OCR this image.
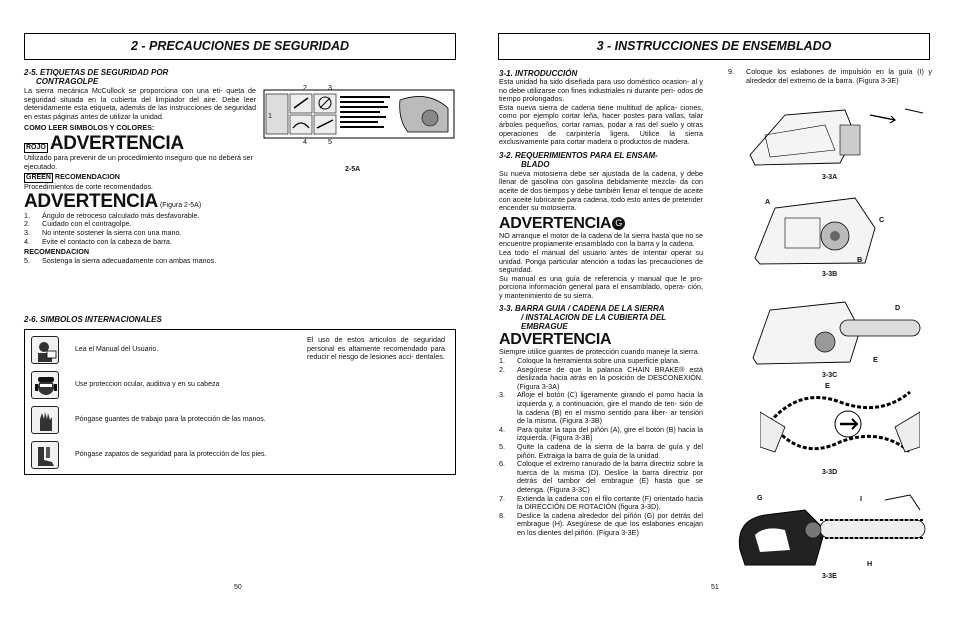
2 - PRECAUCIONES DE SEGURIDAD
2-5. ETIQUETAS DE SEGURIDAD POR
CONTRAGOLPE

La sierra mecánica McCullock se proporciona con una eti- queta de seguridad situada en la cubierta del limpiador del aire. Debe leer detenidamente esta etiqueta, además de las instrucciones de seguridad en estas páginas antes de utilizar la unidad.

COMO LEER SIMBOLOS Y COLORES:
ROJO ADVERTENCIA

Utilizado para prevenir de un procedimiento inseguro que no deberá ser ejecutado.

GREEN RECOMENDACION

Procedimientos de corte recomendados.

ADVERTENCIA (Figura 2-5A)
1. Ángulo de retroceso calculado más desfavorable.
2. Cuidado con el contragolpe.
3. No intente sostener la sierra con una mano.
4. Evite el contacto con la cabeza de barra.
RECOMENDACION
5. Sostenga la sierra adecuadamente con ambas manos.
1
2	3
4	5
2-5A
2-6. SIMBOLOS INTERNACIONALES
Lea el Manual del Usuario.
Use proteccion ocular, auditiva y en su cabeza
Póngase guantes de trabajo para la protección de las manos.
Póngase zapatos de seguridad para la protección de los pies.

El uso de estos articulos de seguridad personal es altamente recomendado para reducir el riesgo de lesiones acci- dentales.

50
3 - INSTRUCCIONES DE ENSEMBLADO
3-1. INTRODUCCIÓN

Esta unidad ha sido diseñada para uso doméstico ocasion- al y no debe utilizarse con fines industriales ni durante peri- odos de tiempo prolongados.

Esta nueva sierra de cadena tiene multitud de aplica- ciones, como por ejemplo cortar leña, hacer postes para vallas, talar árboles pequeños, cortar ramas, podar a ras del suelo y otras operaciones de carpintería ligera. Utilice la sierra exclusivamente para cortar madera o productos de madera.

3-2. REQUERIMIENTOS PARA EL ENSAM-
BLADO

Su nueva motosierra debe ser ajustada de la cadena, y debe llenar de gasolina con gasolina debidamente mezcla- da con aceite de dos tiempos y debe también llenar el tenque de aceite con aceite lubricante para cadena, todo esto antes de pretender encender su motosierra.

ADVERTENCIA G

NO arranque el motor de la cadena de la sierra hasta que no se encuentre propiamente ensamblado con la barra y la cadena.

Lea todo el manual del usuario antes de intentar operar su unidad. Ponga particular atención a todas las precauciones de seguridad.

Su manual es una guía de referencia y manual que le pro- porciona información general para el ensamblado, opera- ción, y mantenimiento de su sierra.

3-3. BARRA GUIA / CADENA DE LA SIERRA
/ INSTALACION DE LA CUBIERTA DEL
EMBRAGUE
ADVERTENCIA

Siempre utilice guantes de protección cuando maneje la sierra.

1. Coloque la herramienta sobre una superficie plana.
2. Asegúrese de que la palanca CHAIN BRAKE® está deslizada hacia atrás en la posición de DESCONEXIÓN. (Figura 3-3A)
3. Afloje el botón (C) ligeramente girando el pomo hacia la izquierda y, a continuación, gire el mando de ten- sión de la cadena (B) en el mismo sentido para liber- ar tensión de la misma. (Figura 3-3B)
4. Para quitar la tapa del piñón (A), gire el botón (B) hacia la izquierda. (Figura 3-3B)
5. Quite la cadena de la sierra de la barra de guía y del piñón. Extraiga la barra de guía de la unidad.
6. Coloque el extremo ranurado de la barra directriz sobre la tuerca de la misma (D). Deslice la barra directriz por detrás del tambor del embrague (E) hasta que se detenga. (Figura 3-3C)
7. Extienda la cadena con el filo cortante (F) orientado hacia la DIRECCIÓN DE ROTACIÓN (figura 3-3D).
8. Deslice la cadena alrededor del piñón (G) por detrás del embrague (H). Asegúrese de que los eslabones encajan en los dientes del piñón. (Figura 3-3E)
51
9. Coloque los eslabones de impulsión en la guía (I) y alrededor del extremo de la barra. (Figura 3-3E)
3-3A
A
C
B
3-3B
D
E
3-3C
E
3-3D
G	I
H
3-3E
